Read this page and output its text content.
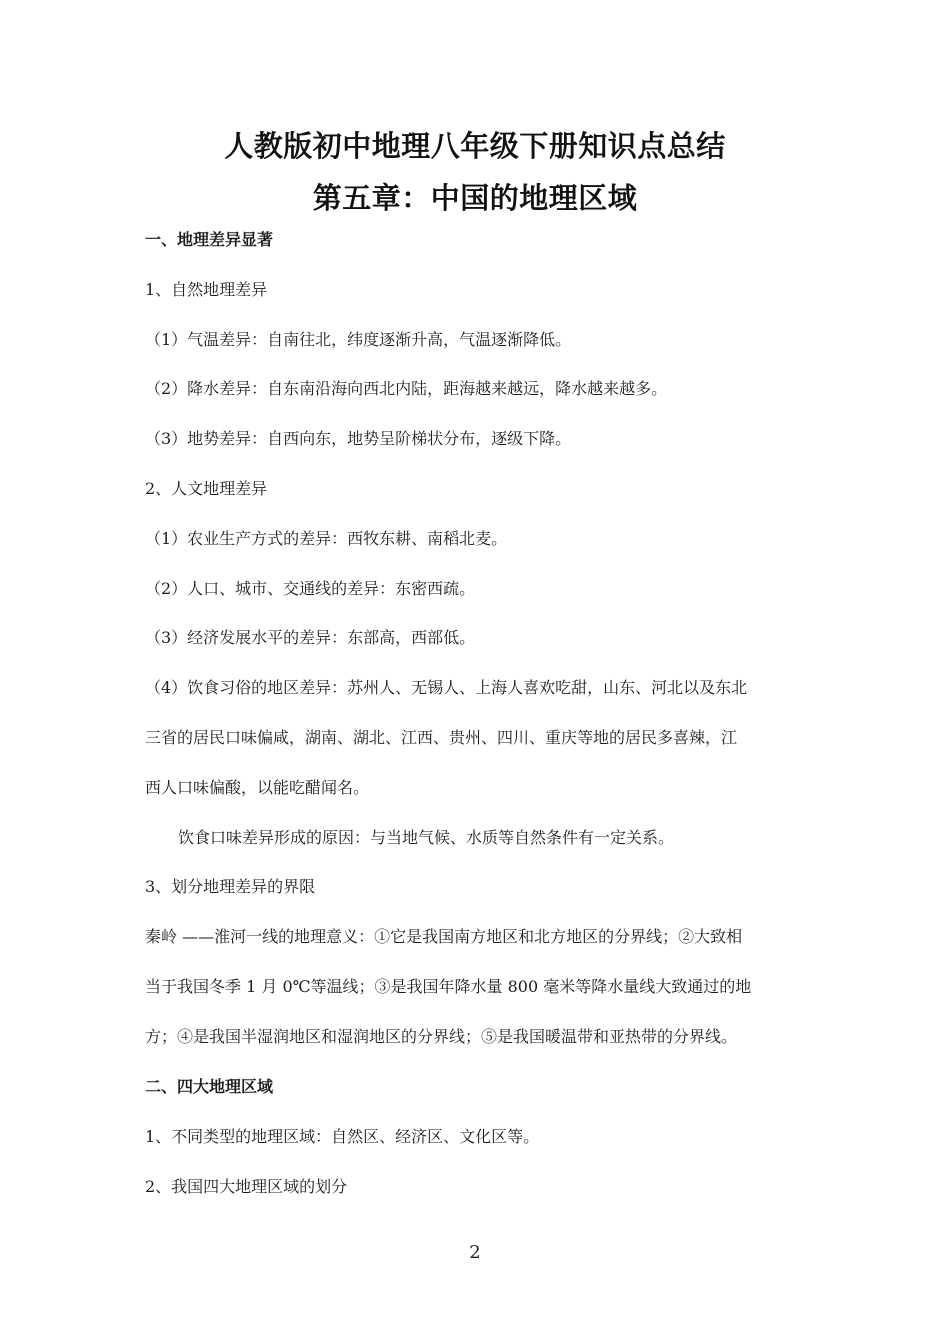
人教版初中地理八年级下册知识点总结
第五章：中国的地理区域
一、地理差异显著
1、自然地理差异
（1）气温差异：自南往北，纬度逐渐升高，气温逐渐降低。
（2）降水差异：自东南沿海向西北内陆，距海越来越远，降水越来越多。
（3）地势差异：自西向东，地势呈阶梯状分布，逐级下降。
2、人文地理差异
（1）农业生产方式的差异：西牧东耕、南稻北麦。
（2）人口、城市、交通线的差异：东密西疏。
（3）经济发展水平的差异：东部高，西部低。
（4）饮食习俗的地区差异：苏州人、无锡人、上海人喜欢吃甜，山东、河北以及东北
三省的居民口味偏咸，湖南、湖北、江西、贵州、四川、重庆等地的居民多喜辣，江
西人口味偏酸，以能吃醋闻名。
饮食口味差异形成的原因：与当地气候、水质等自然条件有一定关系。
3、划分地理差异的界限
秦岭 ——淮河一线的地理意义：①它是我国南方地区和北方地区的分界线；②大致相
当于我国冬季 1 月 0℃等温线；③是我国年降水量 800 毫米等降水量线大致通过的地
方；④是我国半湿润地区和湿润地区的分界线；⑤是我国暖温带和亚热带的分界线。
二、四大地理区域
1、不同类型的地理区域：自然区、经济区、文化区等。
2、我国四大地理区域的划分
2
